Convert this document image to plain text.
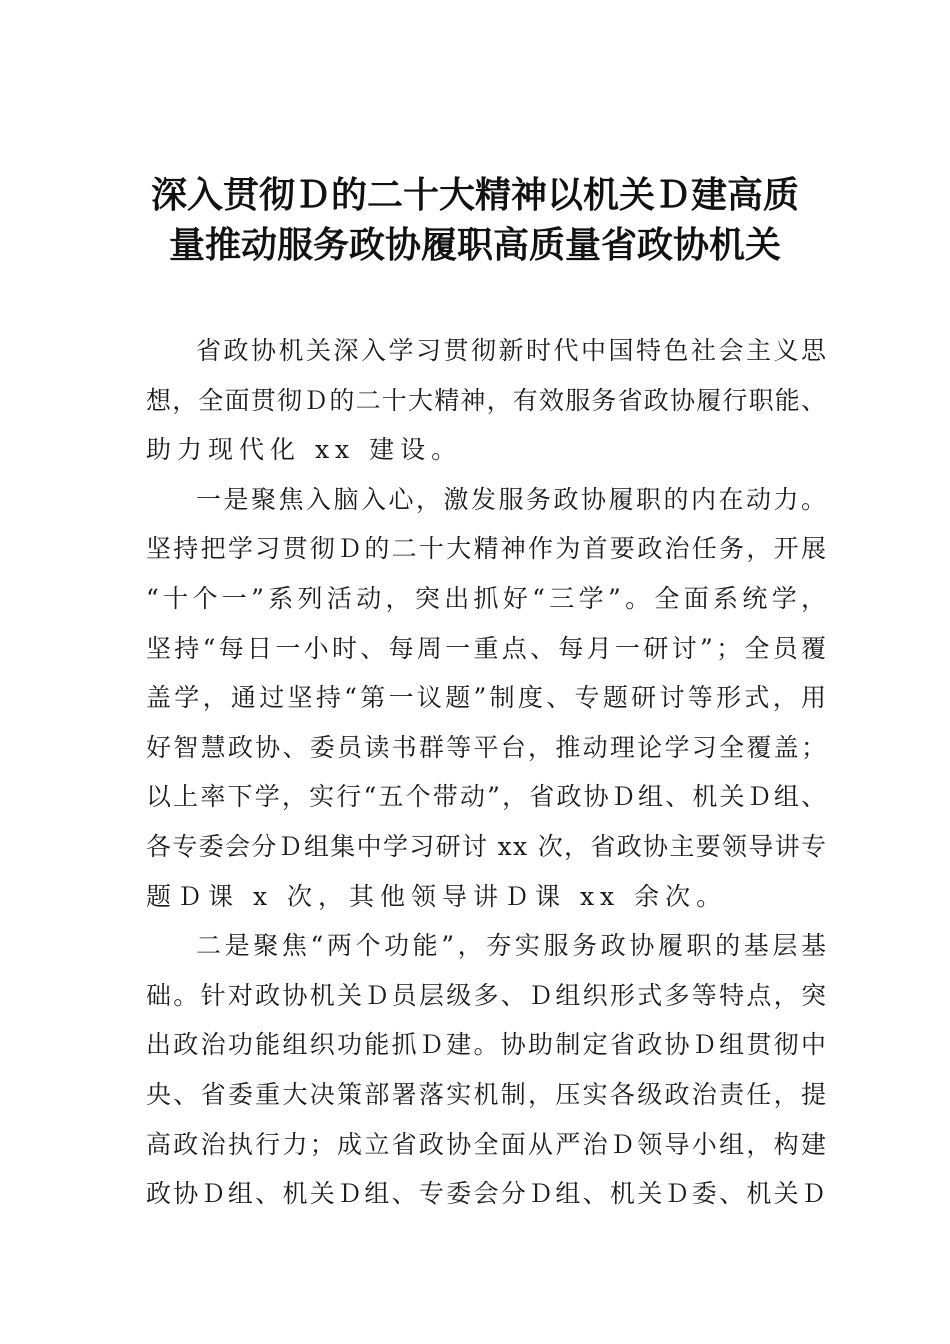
深入贯彻Ｄ的二十大精神以机关Ｄ建高质
量推动服务政协履职高质量省政协机关
省政协机关深入学习贯彻新时代中国特色社会主义思
想，全面贯彻Ｄ的二十大精神，有效服务省政协履行职能、
助力现代化 xx 建设。
一是聚焦入脑入心，激发服务政协履职的内在动力。
坚持把学习贯彻Ｄ的二十大精神作为首要政治任务，开展
“十个一”系列活动，突出抓好“三学”。全面系统学，
坚持“每日一小时、每周一重点、每月一研讨”；全员覆
盖学，通过坚持“第一议题”制度、专题研讨等形式，用
好智慧政协、委员读书群等平台，推动理论学习全覆盖；
以上率下学，实行“五个带动”，省政协Ｄ组、机关Ｄ组、
各专委会分Ｄ组集中学习研讨 xx 次，省政协主要领导讲专
题Ｄ课 x 次，其他领导讲Ｄ课 xx 余次。
二是聚焦“两个功能”，夯实服务政协履职的基层基
础。针对政协机关Ｄ员层级多、Ｄ组织形式多等特点，突
出政治功能组织功能抓Ｄ建。协助制定省政协Ｄ组贯彻中
央、省委重大决策部署落实机制，压实各级政治责任，提
高政治执行力；成立省政协全面从严治Ｄ领导小组，构建
政协Ｄ组、机关Ｄ组、专委会分Ｄ组、机关Ｄ委、机关Ｄ
